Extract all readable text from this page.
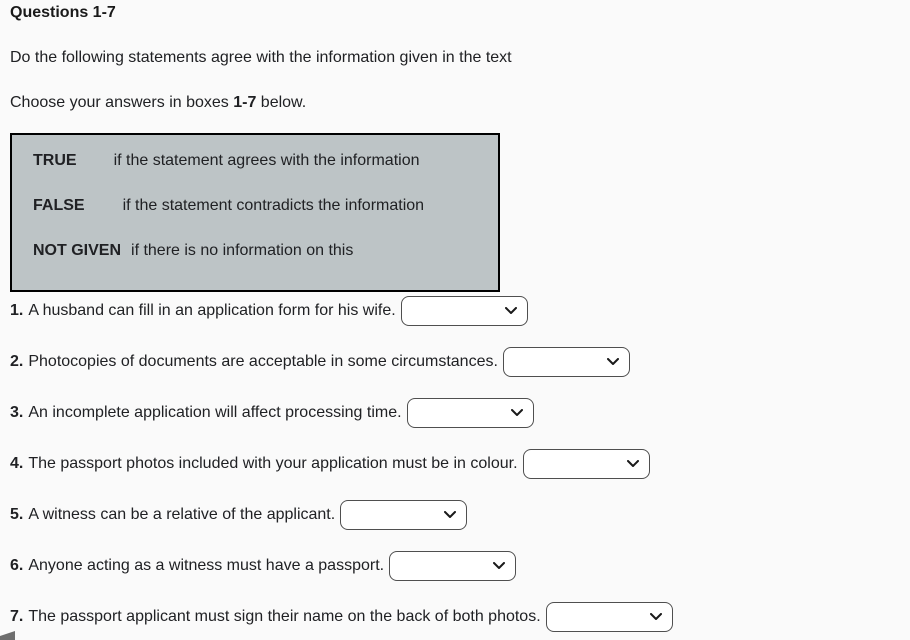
Questions 1-7
Do the following statements agree with the information given in the text
Choose your answers in boxes 1-7 below.
TRUE if the statement agrees with the information
FALSE if the statement contradicts the information
NOT GIVEN if there is no information on this
1. A husband can fill in an application form for his wife.
2. Photocopies of documents are acceptable in some circumstances.
3. An incomplete application will affect processing time.
4. The passport photos included with your application must be in colour.
5. A witness can be a relative of the applicant.
6. Anyone acting as a witness must have a passport.
7. The passport applicant must sign their name on the back of both photos.
